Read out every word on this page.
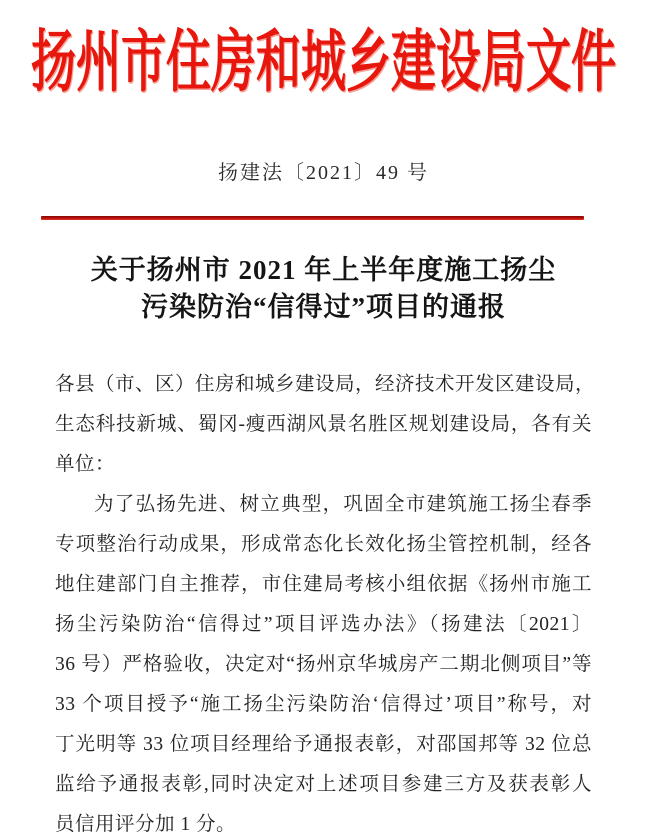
扬州市住房和城乡建设局文件
扬建法〔2021〕49 号
关于扬州市 2021 年上半年度施工扬尘
污染防治“信得过”项目的通报
各县（市、区）住房和城乡建设局，经济技术开发区建设局，
生态科技新城、蜀冈-瘦西湖风景名胜区规划建设局，各有关
单位：
为了弘扬先进、树立典型，巩固全市建筑施工扬尘春季
专项整治行动成果，形成常态化长效化扬尘管控机制，经各
地住建部门自主推荐，市住建局考核小组依据《扬州市施工
扬尘污染防治“信得过”项目评选办法》（扬建法〔2021〕
36 号）严格验收，决定对“扬州京华城房产二期北侧项目”等
33 个项目授予“施工扬尘污染防治‘信得过’项目”称号，对
丁光明等 33 位项目经理给予通报表彰，对邵国邦等 32 位总
监给予通报表彰,同时决定对上述项目参建三方及获表彰人
员信用评分加 1 分。
